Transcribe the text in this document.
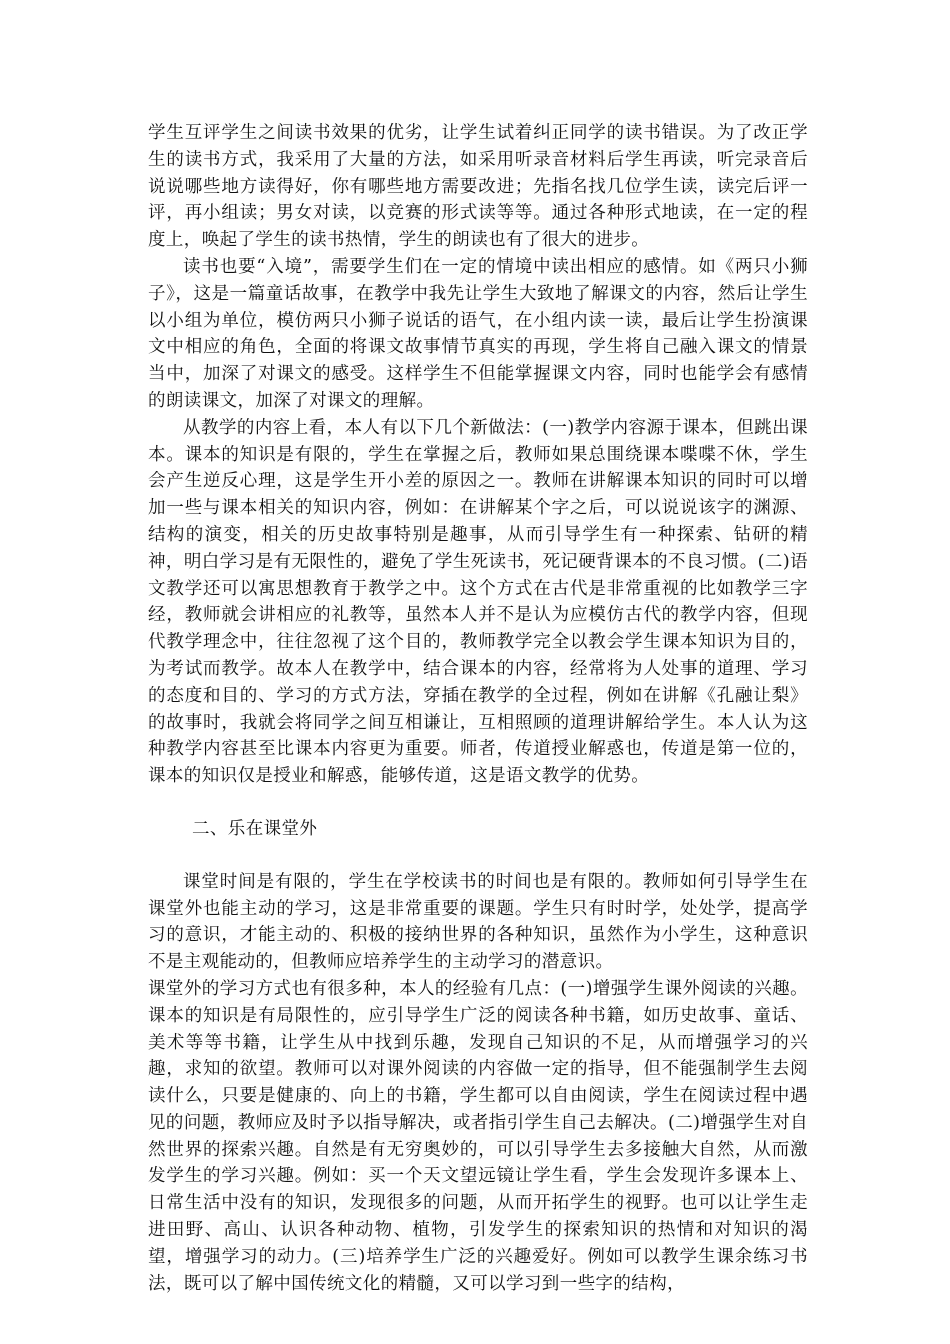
学生互评学生之间读书效果的优劣，让学生试着纠正同学的读书错误。为了改正学生的读书方式，我采用了大量的方法，如采用听录音材料后学生再读，听完录音后说说哪些地方读得好，你有哪些地方需要改进；先指名找几位学生读，读完后评一评，再小组读；男女对读，以竞赛的形式读等等。通过各种形式地读，在一定的程度上，唤起了学生的读书热情，学生的朗读也有了很大的进步。

读书也要“入境”，需要学生们在一定的情境中读出相应的感情。如《两只小狮子》，这是一篇童话故事，在教学中我先让学生大致地了解课文的内容，然后让学生以小组为单位，模仿两只小狮子说话的语气，在小组内读一读，最后让学生扮演课文中相应的角色，全面的将课文故事情节真实的再现，学生将自己融入课文的情景当中，加深了对课文的感受。这样学生不但能掌握课文内容，同时也能学会有感情的朗读课文，加深了对课文的理解。

从教学的内容上看，本人有以下几个新做法：(一)教学内容源于课本，但跳出课本。课本的知识是有限的，学生在掌握之后，教师如果总围绕课本喋喋不休，学生会产生逆反心理，这是学生开小差的原因之一。教师在讲解课本知识的同时可以增加一些与课本相关的知识内容，例如：在讲解某个字之后，可以说说该字的渊源、结构的演变，相关的历史故事特别是趣事，从而引导学生有一种探索、钻研的精神，明白学习是有无限性的，避免了学生死读书，死记硬背课本的不良习惯。(二)语文教学还可以寓思想教育于教学之中。这个方式在古代是非常重视的比如教学三字经，教师就会讲相应的礼教等，虽然本人并不是认为应模仿古代的教学内容，但现代教学理念中，往往忽视了这个目的，教师教学完全以教会学生课本知识为目的，为考试而教学。故本人在教学中，结合课本的内容，经常将为人处事的道理、学习的态度和目的、学习的方式方法，穿插在教学的全过程，例如在讲解《孔融让梨》的故事时，我就会将同学之间互相谦让，互相照顾的道理讲解给学生。本人认为这种教学内容甚至比课本内容更为重要。师者，传道授业解惑也，传道是第一位的，课本的知识仅是授业和解惑，能够传道，这是语文教学的优势。

二、乐在课堂外

课堂时间是有限的，学生在学校读书的时间也是有限的。教师如何引导学生在课堂外也能主动的学习，这是非常重要的课题。学生只有时时学，处处学，提高学习的意识，才能主动的、积极的接纳世界的各种知识，虽然作为小学生，这种意识不是主观能动的，但教师应培养学生的主动学习的潜意识。

课堂外的学习方式也有很多种，本人的经验有几点：(一)增强学生课外阅读的兴趣。课本的知识是有局限性的，应引导学生广泛的阅读各种书籍，如历史故事、童话、美术等等书籍，让学生从中找到乐趣，发现自己知识的不足，从而增强学习的兴趣，求知的欲望。教师可以对课外阅读的内容做一定的指导，但不能强制学生去阅读什么，只要是健康的、向上的书籍，学生都可以自由阅读，学生在阅读过程中遇见的问题，教师应及时予以指导解决，或者指引学生自己去解决。(二)增强学生对自然世界的探索兴趣。自然是有无穷奥妙的，可以引导学生去多接触大自然，从而激发学生的学习兴趣。例如：买一个天文望远镜让学生看，学生会发现许多课本上、日常生活中没有的知识，发现很多的问题，从而开拓学生的视野。也可以让学生走进田野、高山、认识各种动物、植物，引发学生的探索知识的热情和对知识的渴望，增强学习的动力。(三)培养学生广泛的兴趣爱好。例如可以教学生课余练习书法，既可以了解中国传统文化的精髓，又可以学习到一些字的结构，
